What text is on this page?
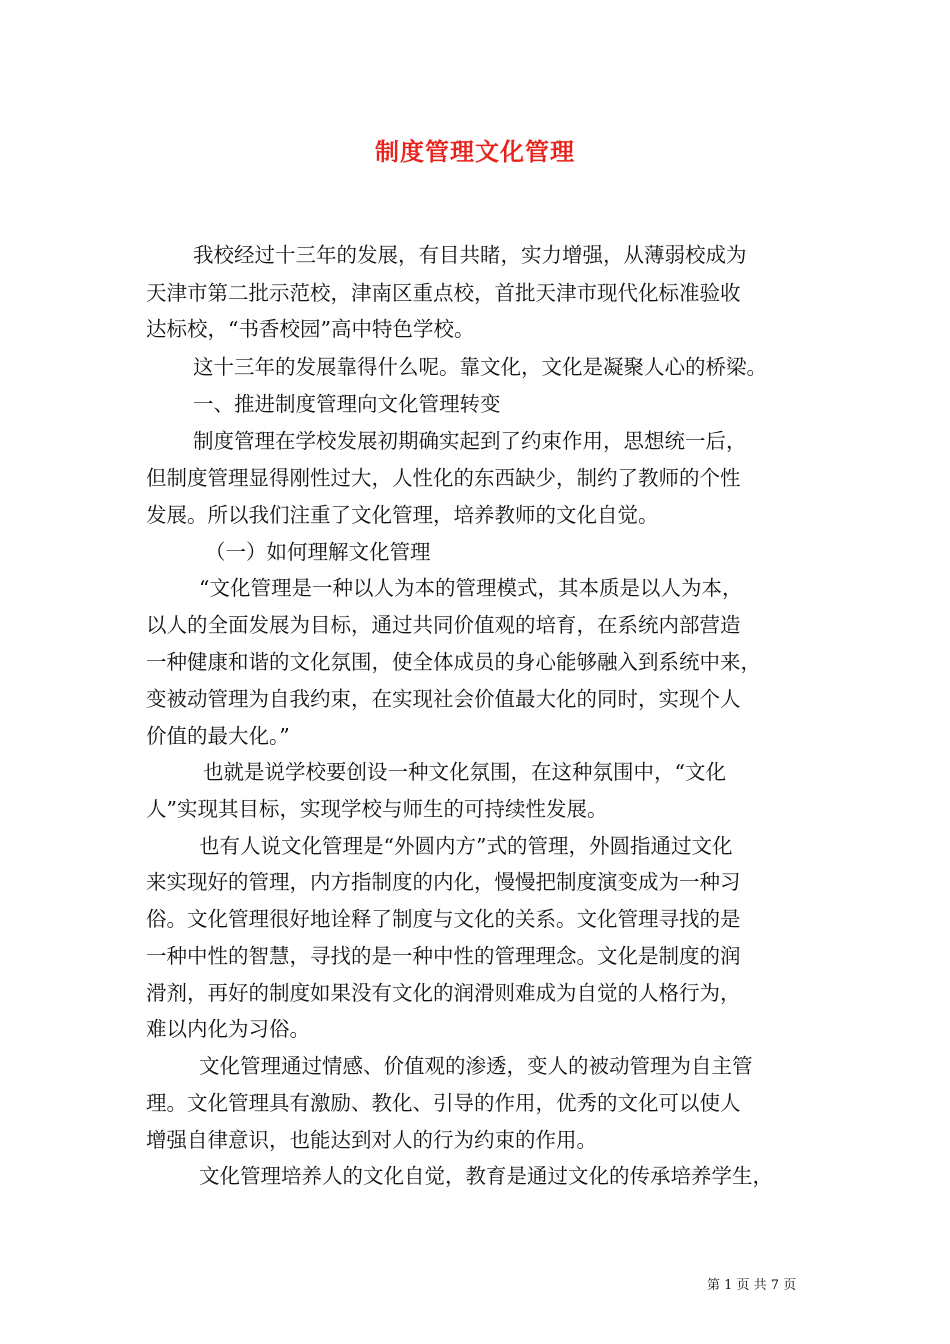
制度管理文化管理
我校经过十三年的发展，有目共睹，实力增强，从薄弱校成为
天津市第二批示范校，津南区重点校，首批天津市现代化标准验收
达标校，“书香校园”高中特色学校。
这十三年的发展靠得什么呢。靠文化，文化是凝聚人心的桥梁。
一、推进制度管理向文化管理转变
制度管理在学校发展初期确实起到了约束作用，思想统一后，
但制度管理显得刚性过大，人性化的东西缺少，制约了教师的个性
发展。所以我们注重了文化管理，培养教师的文化自觉。
（一）如何理解文化管理
“文化管理是一种以人为本的管理模式，其本质是以人为本，
以人的全面发展为目标，通过共同价值观的培育，在系统内部营造
一种健康和谐的文化氛围，使全体成员的身心能够融入到系统中来，
变被动管理为自我约束，在实现社会价值最大化的同时，实现个人
价值的最大化。”
也就是说学校要创设一种文化氛围，在这种氛围中，“文化
人”实现其目标，实现学校与师生的可持续性发展。
也有人说文化管理是“外圆内方”式的管理，外圆指通过文化
来实现好的管理，内方指制度的内化，慢慢把制度演变成为一种习
俗。文化管理很好地诠释了制度与文化的关系。文化管理寻找的是
一种中性的智慧，寻找的是一种中性的管理理念。文化是制度的润
滑剂，再好的制度如果没有文化的润滑则难成为自觉的人格行为，
难以内化为习俗。
文化管理通过情感、价值观的渗透，变人的被动管理为自主管
理。文化管理具有激励、教化、引导的作用，优秀的文化可以使人
增强自律意识，也能达到对人的行为约束的作用。
文化管理培养人的文化自觉，教育是通过文化的传承培养学生，
第 1 页 共 7 页
